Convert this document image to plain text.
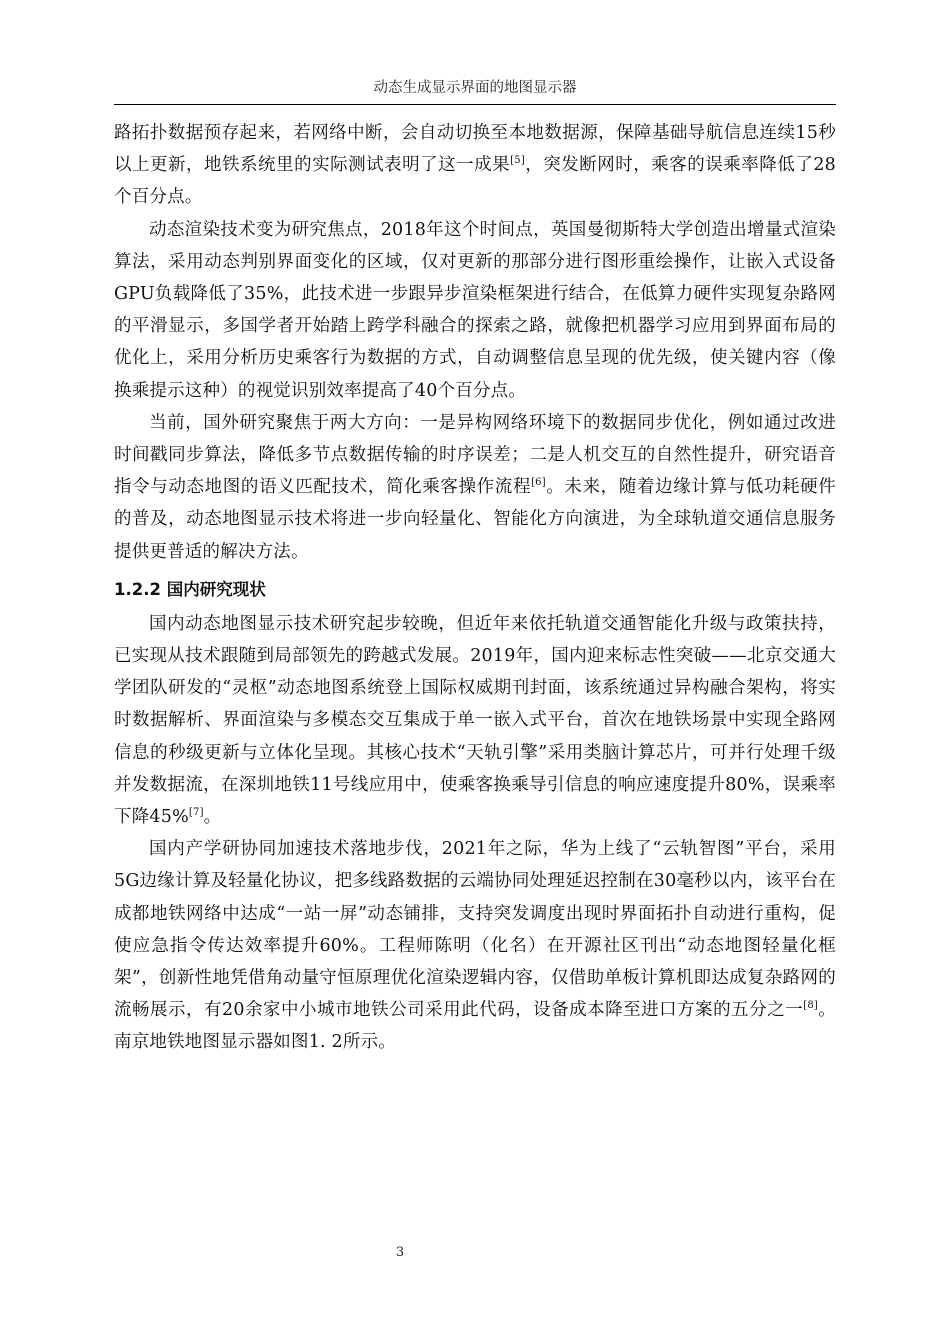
动态生成显示界面的地图显示器

路拓扑数据预存起来，若网络中断，会自动切换至本地数据源，保障基础导航信息连续15秒以上更新，地铁系统里的实际测试表明了这一成果[5]，突发断网时，乘客的误乘率降低了28个百分点。

动态渲染技术变为研究焦点，2018年这个时间点，英国曼彻斯特大学创造出增量式渲染算法，采用动态判别界面变化的区域，仅对更新的那部分进行图形重绘操作，让嵌入式设备GPU负载降低了35%，此技术进一步跟异步渲染框架进行结合，在低算力硬件实现复杂路网的平滑显示，多国学者开始踏上跨学科融合的探索之路，就像把机器学习应用到界面布局的优化上，采用分析历史乘客行为数据的方式，自动调整信息呈现的优先级，使关键内容（像换乘提示这种）的视觉识别效率提高了40个百分点。

当前，国外研究聚焦于两大方向：一是异构网络环境下的数据同步优化，例如通过改进时间戳同步算法，降低多节点数据传输的时序误差；二是人机交互的自然性提升，研究语音指令与动态地图的语义匹配技术，简化乘客操作流程[6]。未来，随着边缘计算与低功耗硬件的普及，动态地图显示技术将进一步向轻量化、智能化方向演进，为全球轨道交通信息服务提供更普适的解决方法。

1.2.2 国内研究现状

国内动态地图显示技术研究起步较晚，但近年来依托轨道交通智能化升级与政策扶持，已实现从技术跟随到局部领先的跨越式发展。2019年，国内迎来标志性突破——北京交通大学团队研发的“灵枢”动态地图系统登上国际权威期刊封面，该系统通过异构融合架构，将实时数据解析、界面渲染与多模态交互集成于单一嵌入式平台，首次在地铁场景中实现全路网信息的秒级更新与立体化呈现。其核心技术“天轨引擎”采用类脑计算芯片，可并行处理千级并发数据流，在深圳地铁11号线应用中，使乘客换乘导引信息的响应速度提升80%，误乘率下降45%[7]。

国内产学研协同加速技术落地步伐，2021年之际，华为上线了“云轨智图”平台，采用5G边缘计算及轻量化协议，把多线路数据的云端协同处理延迟控制在30毫秒以内，该平台在成都地铁网络中达成“一站一屏”动态铺排，支持突发调度出现时界面拓扑自动进行重构，促使应急指令传达效率提升60%。工程师陈明（化名）在开源社区刊出“动态地图轻量化框架”，创新性地凭借角动量守恒原理优化渲染逻辑内容，仅借助单板计算机即达成复杂路网的流畅展示，有20余家中小城市地铁公司采用此代码，设备成本降至进口方案的五分之一[8]。南京地铁地图显示器如图1. 2所示。

3
